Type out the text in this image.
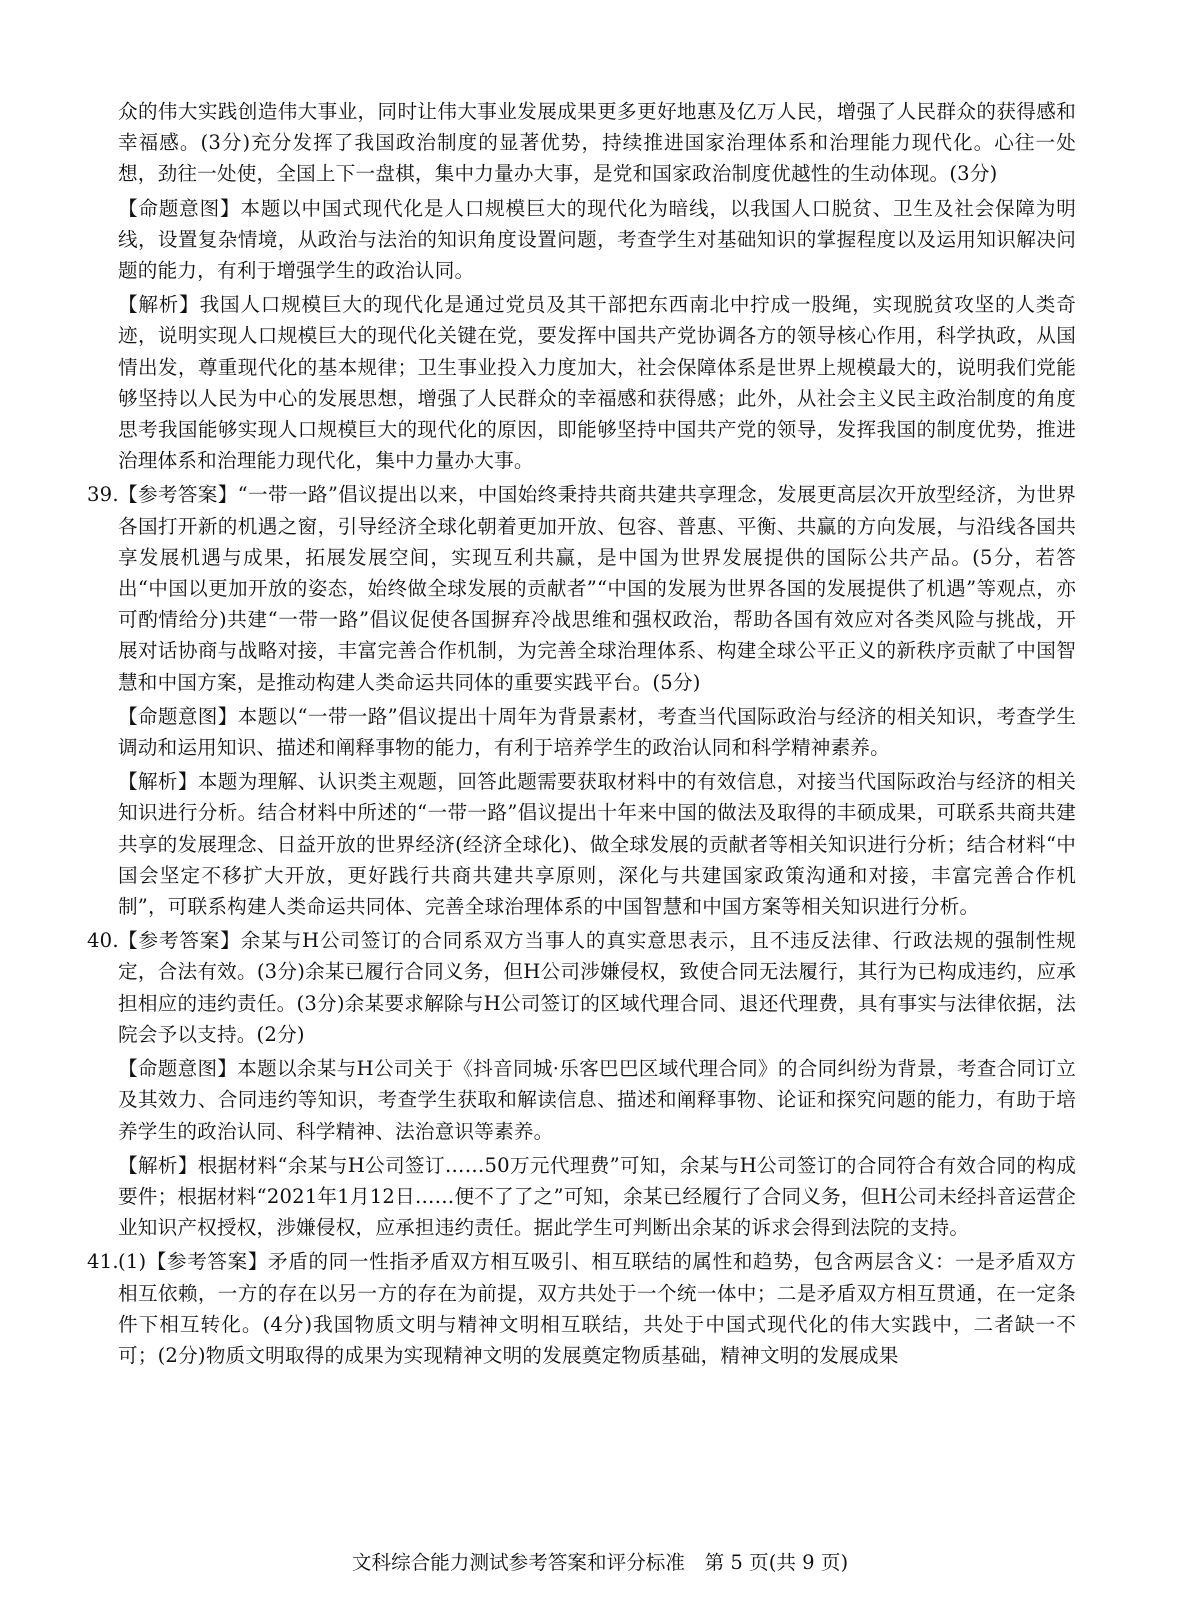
众的伟大实践创造伟大事业，同时让伟大事业发展成果更多更好地惠及亿万人民，增强了人民群众的获得感和幸福感。(3分)充分发挥了我国政治制度的显著优势，持续推进国家治理体系和治理能力现代化。心往一处想，劲往一处使，全国上下一盘棋，集中力量办大事，是党和国家政治制度优越性的生动体现。(3分)

【命题意图】本题以中国式现代化是人口规模巨大的现代化为暗线，以我国人口脱贫、卫生及社会保障为明线，设置复杂情境，从政治与法治的知识角度设置问题，考查学生对基础知识的掌握程度以及运用知识解决问题的能力，有利于增强学生的政治认同。

【解析】我国人口规模巨大的现代化是通过党员及其干部把东西南北中拧成一股绳，实现脱贫攻坚的人类奇迹，说明实现人口规模巨大的现代化关键在党，要发挥中国共产党协调各方的领导核心作用，科学执政，从国情出发，尊重现代化的基本规律；卫生事业投入力度加大，社会保障体系是世界上规模最大的，说明我们党能够坚持以人民为中心的发展思想，增强了人民群众的幸福感和获得感；此外，从社会主义民主政治制度的角度思考我国能够实现人口规模巨大的现代化的原因，即能够坚持中国共产党的领导，发挥我国的制度优势，推进治理体系和治理能力现代化，集中力量办大事。

39. 【参考答案】“一带一路”倡议提出以来，中国始终秉持共商共建共享理念，发展更高层次开放型经济，为世界各国打开新的机遇之窗，引导经济全球化朝着更加开放、包容、普惠、平衡、共赢的方向发展，与沿线各国共享发展机遇与成果，拓展发展空间，实现互利共赢，是中国为世界发展提供的国际公共产品。(5分，若答出“中国以更加开放的姿态，始终做全球发展的贡献者”“中国的发展为世界各国的发展提供了机遇”等观点，亦可酌情给分)共建“一带一路”倡议促使各国摒弃冷战思维和强权政治，帮助各国有效应对各类风险与挑战，开展对话协商与战略对接，丰富完善合作机制，为完善全球治理体系、构建全球公平正义的新秩序贡献了中国智慧和中国方案，是推动构建人类命运共同体的重要实践平台。(5分)

【命题意图】本题以“一带一路”倡议提出十周年为背景素材，考查当代国际政治与经济的相关知识，考查学生调动和运用知识、描述和阐释事物的能力，有利于培养学生的政治认同和科学精神素养。

【解析】本题为理解、认识类主观题，回答此题需要获取材料中的有效信息，对接当代国际政治与经济的相关知识进行分析。结合材料中所述的“一带一路”倡议提出十年来中国的做法及取得的丰硕成果，可联系共商共建共享的发展理念、日益开放的世界经济(经济全球化)、做全球发展的贡献者等相关知识进行分析；结合材料“中国会坚定不移扩大开放，更好践行共商共建共享原则，深化与共建国家政策沟通和对接，丰富完善合作机制”，可联系构建人类命运共同体、完善全球治理体系的中国智慧和中国方案等相关知识进行分析。

40. 【参考答案】余某与H公司签订的合同系双方当事人的真实意思表示，且不违反法律、行政法规的强制性规定，合法有效。(3分)余某已履行合同义务，但H公司涉嫌侵权，致使合同无法履行，其行为已构成违约，应承担相应的违约责任。(3分)余某要求解除与H公司签订的区域代理合同、退还代理费，具有事实与法律依据，法院会予以支持。(2分)

【命题意图】本题以余某与H公司关于《抖音同城·乐客巴巴区域代理合同》的合同纠纷为背景，考查合同订立及其效力、合同违约等知识，考查学生获取和解读信息、描述和阐释事物、论证和探究问题的能力，有助于培养学生的政治认同、科学精神、法治意识等素养。

【解析】根据材料“余某与H公司签订……50万元代理费”可知，余某与H公司签订的合同符合有效合同的构成要件；根据材料“2021年1月12日……便不了了之”可知，余某已经履行了合同义务，但H公司未经抖音运营企业知识产权授权，涉嫌侵权，应承担违约责任。据此学生可判断出余某的诉求会得到法院的支持。

41. (1)【参考答案】矛盾的同一性指矛盾双方相互吸引、相互联结的属性和趋势，包含两层含义：一是矛盾双方相互依赖，一方的存在以另一方的存在为前提，双方共处于一个统一体中；二是矛盾双方相互贯通，在一定条件下相互转化。(4分)我国物质文明与精神文明相互联结，共处于中国式现代化的伟大实践中，二者缺一不可；(2分)物质文明取得的成果为实现精神文明的发展奠定物质基础，精神文明的发展成果
文科综合能力测试参考答案和评分标准　第 5 页(共 9 页)
